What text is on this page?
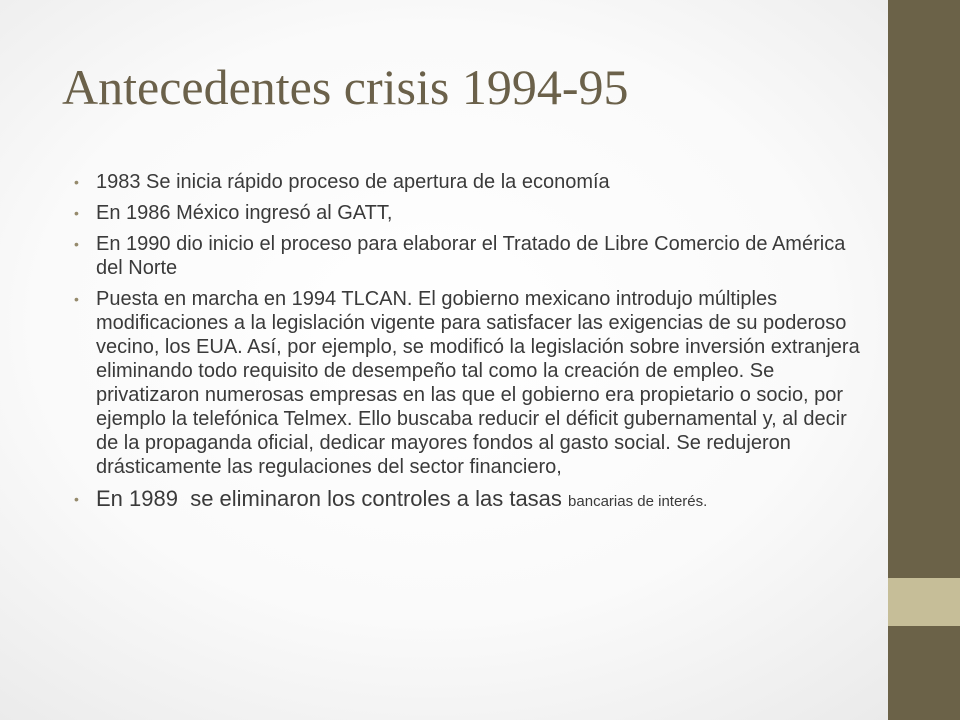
Antecedentes crisis 1994-95
• 1983 Se inicia rápido proceso de apertura de la economía
• En 1986 México ingresó al GATT,
• En 1990 dio inicio el proceso para elaborar el Tratado de Libre Comercio de América del Norte
• Puesta en marcha en 1994 TLCAN. El gobierno mexicano introdujo múltiples modificaciones a la legislación vigente para satisfacer las exigencias de su poderoso vecino, los EUA. Así, por ejemplo, se modificó la legislación sobre inversión extranjera eliminando todo requisito de desempeño tal como la creación de empleo. Se privatizaron numerosas empresas en las que el gobierno era propietario o socio, por ejemplo la telefónica Telmex. Ello buscaba reducir el déficit gubernamental y, al decir de la propaganda oficial, dedicar mayores fondos al gasto social. Se redujeron drásticamente las regulaciones del sector financiero,
• En 1989  se eliminaron los controles a las tasas bancarias de interés.
